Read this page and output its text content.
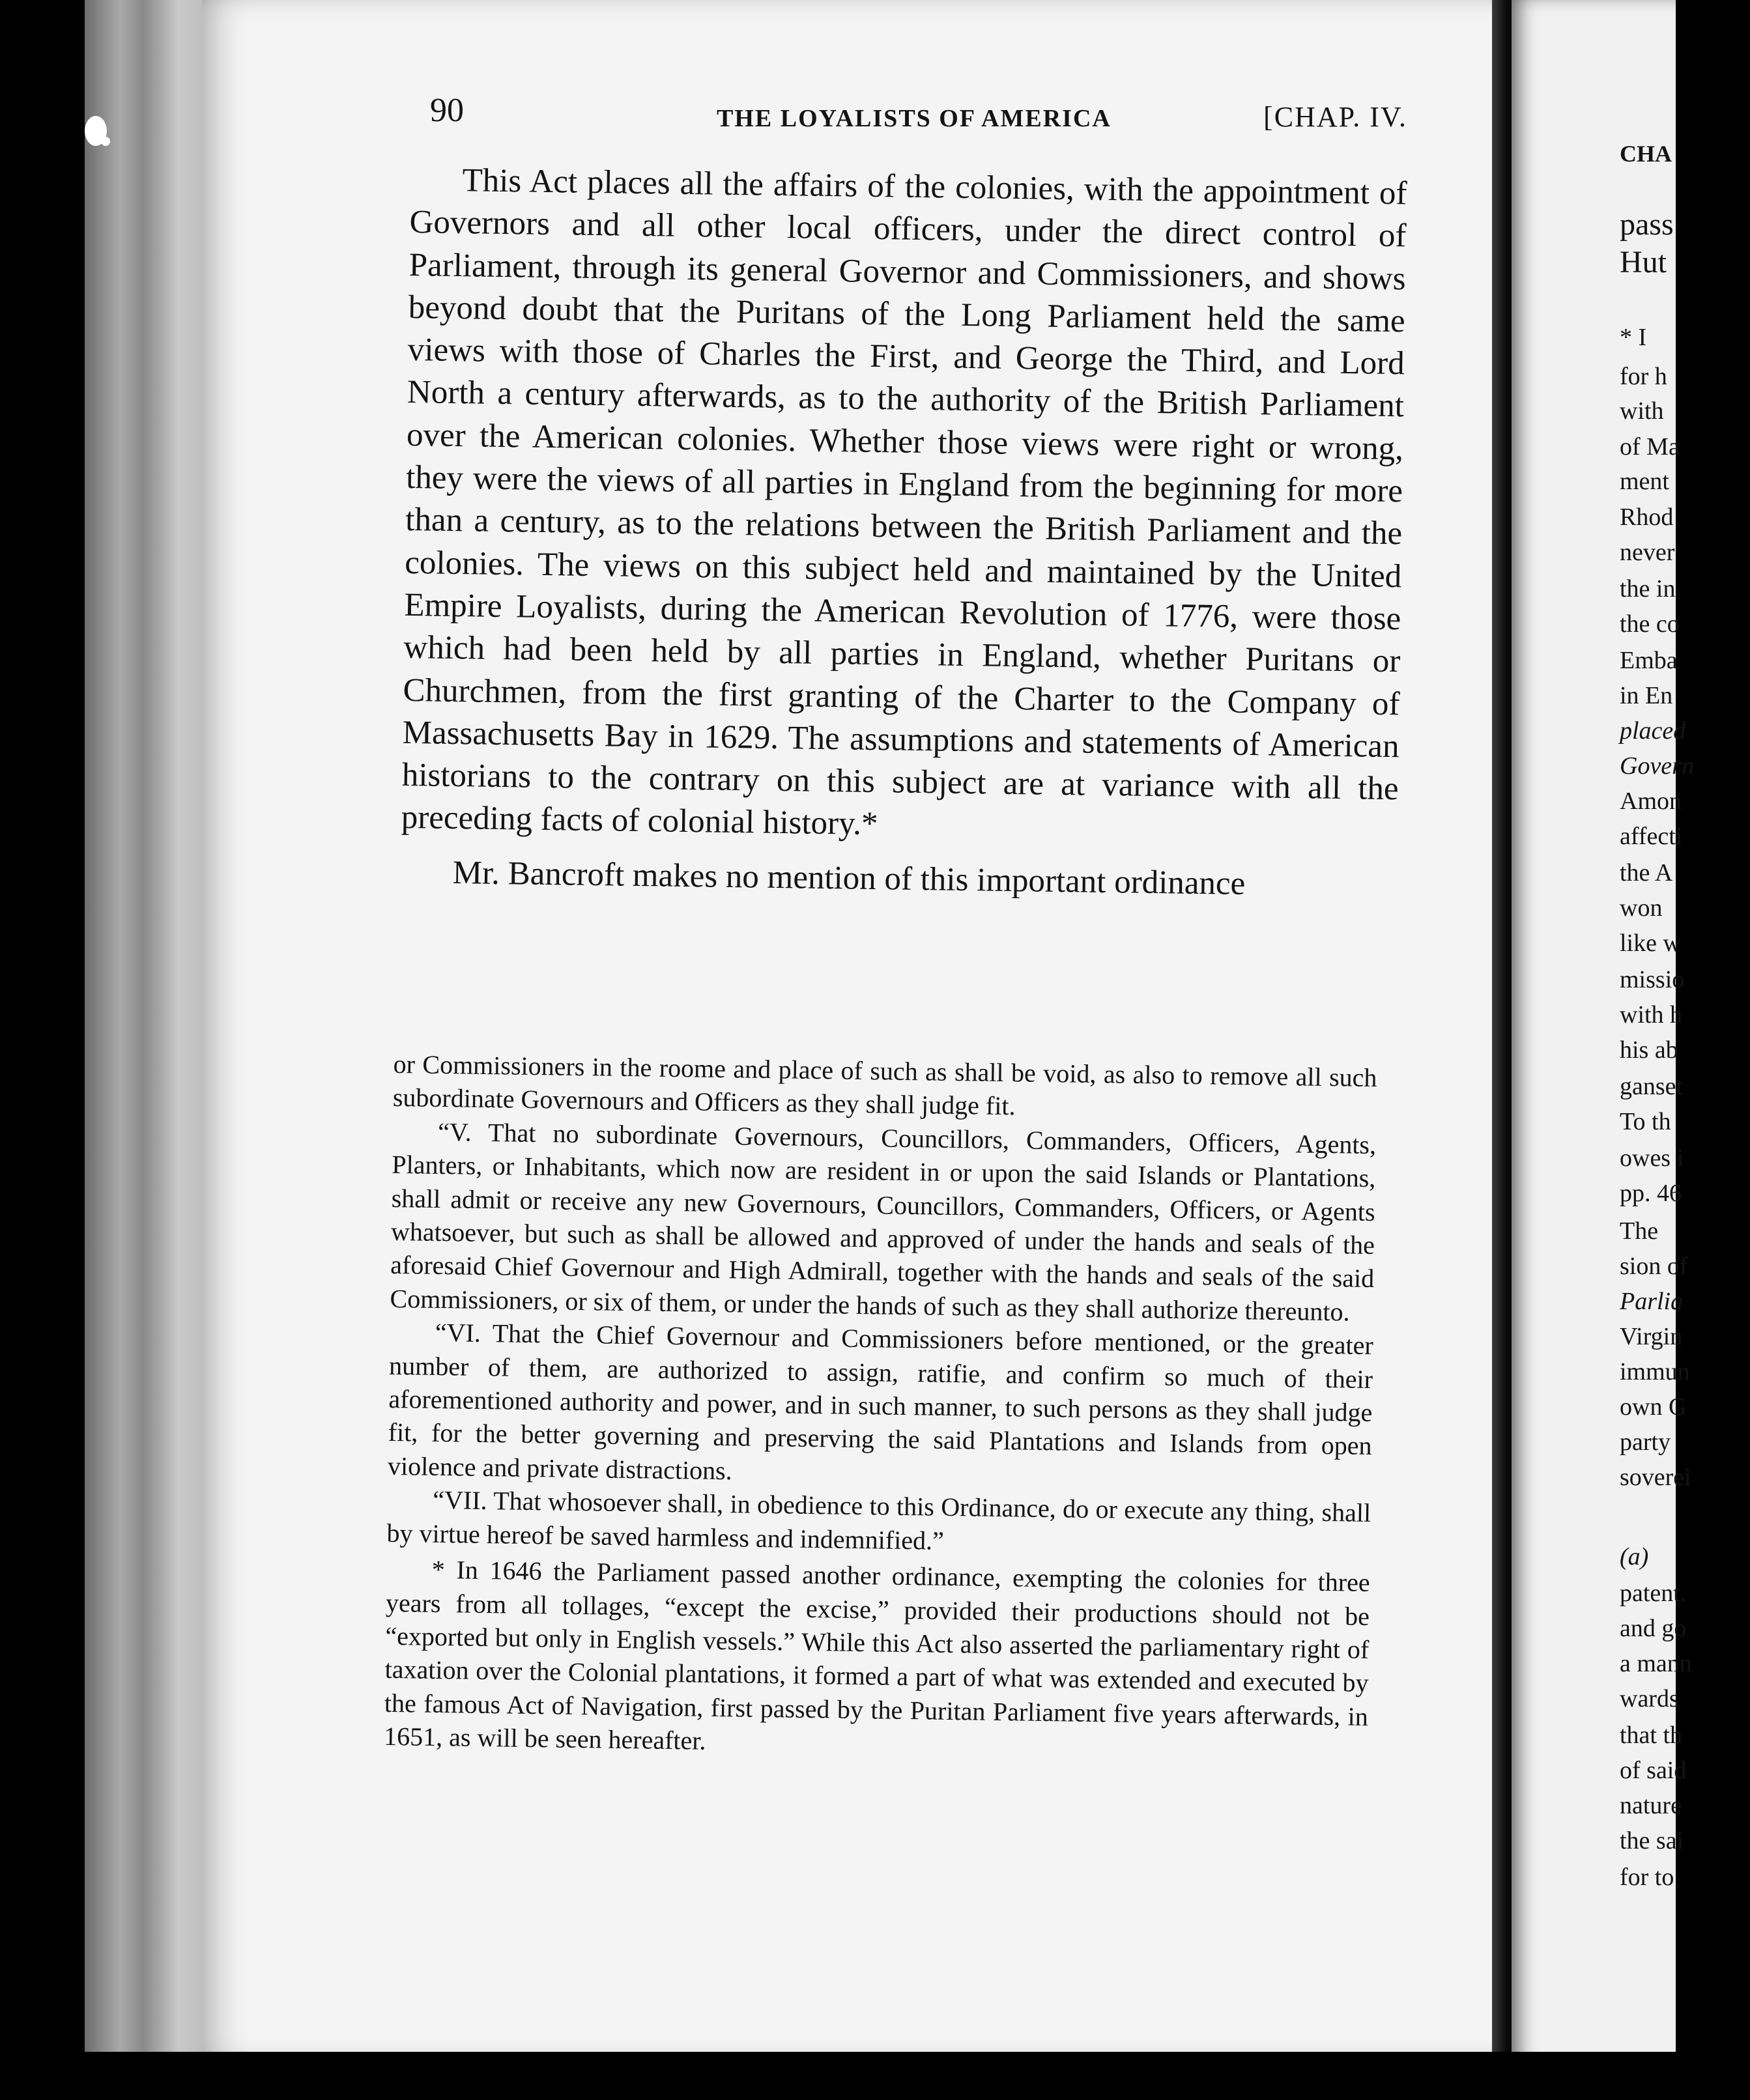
90	THE LOYALISTS OF AMERICA	[CHAP. IV.

This Act places all the affairs of the colonies, with the appointment of Governors and all other local officers, under the direct control of Parliament, through its general Governor and Commissioners, and shows beyond doubt that the Puritans of the Long Parliament held the same views with those of Charles the First, and George the Third, and Lord North a century afterwards, as to the authority of the British Parliament over the American colonies. Whether those views were right or wrong, they were the views of all parties in England from the beginning for more than a century, as to the relations between the British Parliament and the colonies. The views on this subject held and maintained by the United Empire Loyalists, during the American Revolution of 1776, were those which had been held by all parties in England, whether Puritans or Churchmen, from the first granting of the Charter to the Company of Massachusetts Bay in 1629. The assumptions and statements of American historians to the contrary on this subject are at variance with all the preceding facts of colonial history.*

Mr. Bancroft makes no mention of this important ordinance

or Commissioners in the roome and place of such as shall be void, as also to remove all such subordinate Governours and Officers as they shall judge fit.

“V. That no subordinate Governours, Councillors, Commanders, Officers, Agents, Planters, or Inhabitants, which now are resident in or upon the said Islands or Plantations, shall admit or receive any new Governours, Councillors, Commanders, Officers, or Agents whatsoever, but such as shall be allowed and approved of under the hands and seals of the aforesaid Chief Governour and High Admirall, together with the hands and seals of the said Commissioners, or six of them, or under the hands of such as they shall authorize thereunto.

“VI. That the Chief Governour and Commissioners before mentioned, or the greater number of them, are authorized to assign, ratifie, and confirm so much of their aforementioned authority and power, and in such manner, to such persons as they shall judge fit, for the better governing and preserving the said Plantations and Islands from open violence and private distractions.

“VII. That whosoever shall, in obedience to this Ordinance, do or execute any thing, shall by virtue hereof be saved harmless and indemnified.”

* In 1646 the Parliament passed another ordinance, exempting the colonies for three years from all tollages, “except the excise,” provided their productions should not be “exported but only in English vessels.” While this Act also asserted the parliamentary right of taxation over the Colonial plantations, it formed a part of what was extended and executed by the famous Act of Navigation, first passed by the Puritan Parliament five years afterwards, in 1651, as will be seen hereafter.

CHA
pass
Hut
* I
for h
with
of Ma
ment
Rhod
never
the in
the co
Emba
in En
placed
Govern
Amon
affecti
the A
won
like w
missio
with h
his ab
ganset
To th
owes i
pp. 46
The
sion of
Parlia
Virgin
immun
own G
party
soverei
(a)
patent.
and go
a mann
wards
that th
of said
nature
the sai
for to
